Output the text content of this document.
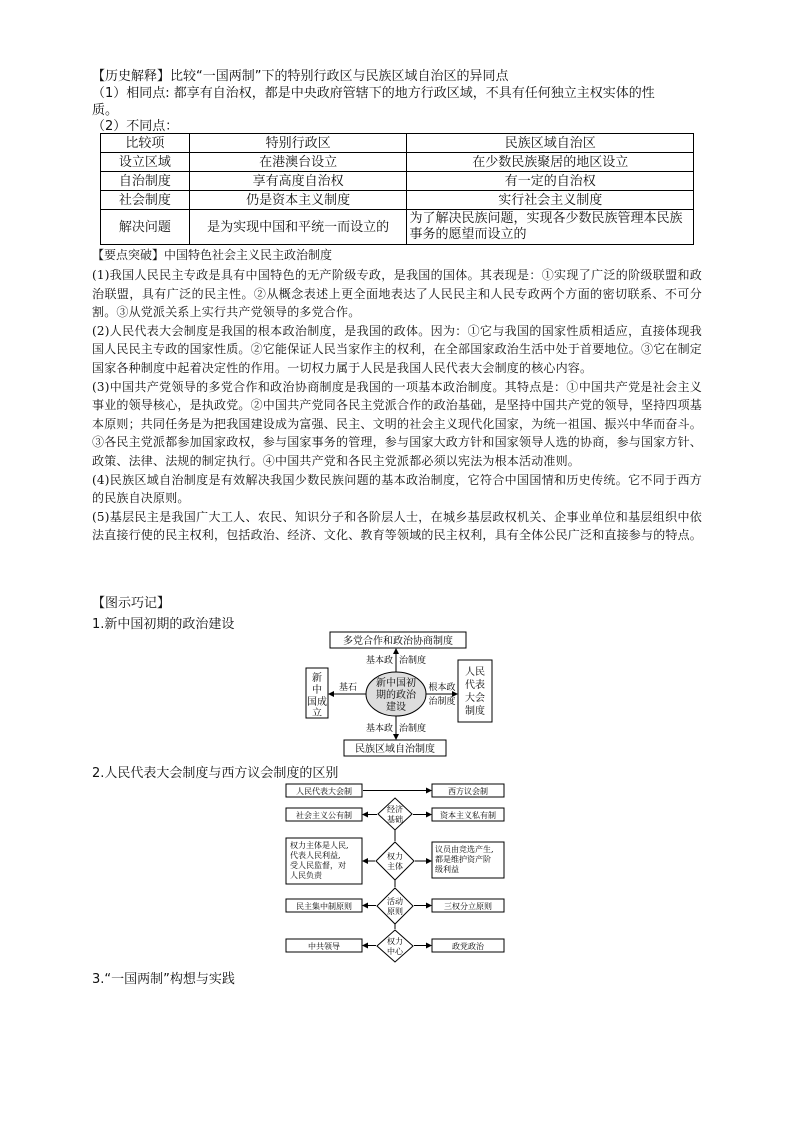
【历史解释】比较“一国两制”下的特别行政区与民族区域自治区的异同点
（1）相同点: 都享有自治权，都是中央政府管辖下的地方行政区域，不具有任何独立主权实体的性
质。
（2）不同点：
比较项	特别行政区	民族区域自治区
设立区域	在港澳台设立	在少数民族聚居的地区设立
自治制度	享有高度自治权	有一定的自治权
社会制度	仍是资本主义制度	实行社会主义制度
解决问题	是为实现中国和平统一而设立的	为了解决民族问题，实现各少数民族管理本民族事务的愿望而设立的
【要点突破】中国特色社会主义民主政治制度

(1)我国人民民主专政是具有中国特色的无产阶级专政，是我国的国体。其表现是：①实现了广泛的阶级联盟和政治联盟，具有广泛的民主性。②从概念表述上更全面地表达了人民民主和人民专政两个方面的密切联系、不可分割。③从党派关系上实行共产党领导的多党合作。

(2)人民代表大会制度是我国的根本政治制度，是我国的政体。因为：①它与我国的国家性质相适应，直接体现我国人民民主专政的国家性质。②它能保证人民当家作主的权利，在全部国家政治生活中处于首要地位。③它在制定国家各种制度中起着决定性的作用。一切权力属于人民是我国人民代表大会制度的核心内容。

(3)中国共产党领导的多党合作和政治协商制度是我国的一项基本政治制度。其特点是：①中国共产党是社会主义事业的领导核心，是执政党。②中国共产党同各民主党派合作的政治基础，是坚持中国共产党的领导，坚持四项基本原则；共同任务是为把我国建设成为富强、民主、文明的社会主义现代化国家，为统一祖国、振兴中华而奋斗。③各民主党派都参加国家政权，参与国家事务的管理，参与国家大政方针和国家领导人选的协商，参与国家方针、政策、法律、法规的制定执行。④中国共产党和各民主党派都必须以宪法为根本活动准则。

(4)民族区域自治制度是有效解决我国少数民族问题的基本政治制度，它符合中国国情和历史传统。它不同于西方的民族自决原则。

(5)基层民主是我国广大工人、农民、知识分子和各阶层人士，在城乡基层政权机关、企事业单位和基层组织中依法直接行使的民主权利，包括政治、经济、文化、教育等领域的民主权利，具有全体公民广泛和直接参与的特点。

【图示巧记】
1.新中国初期的政治建设
多党合作和政治协商制度
民族区域自治制度
新
中
国成
立
人民
代表
大会
制度
新中国初
期的政治
建设
基本政 治制度
基本政 治制度
基石	根本政
治制度
2.人民代表大会制度与西方议会制度的区别
人民代表大会制	西方议会制
经济
基础
社会主义公有制	资本主义私有制
权力
主体
权力主体是人民,
代表人民利益,
受人民监督，对
人民负责
议员由竞选产生,
都是维护资产阶
级利益
活动
原则
民主集中制原则	三权分立原则
权力
中心
中共领导	政党政治
3.“一国两制”构想与实践
